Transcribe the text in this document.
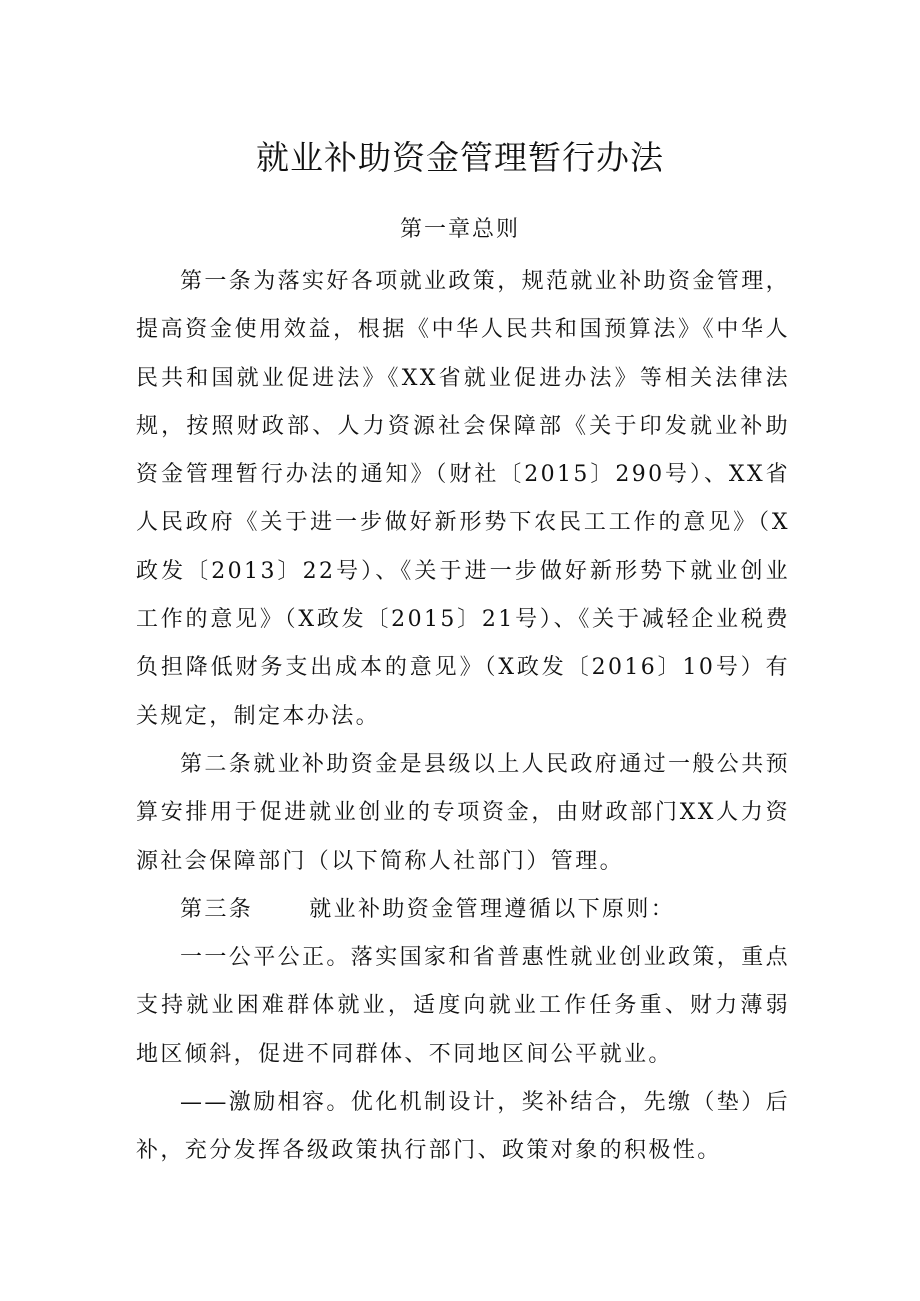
就业补助资金管理暂行办法
第一章总则

第一条为落实好各项就业政策，规范就业补助资金管理，提高资金使用效益，根据《中华人民共和国预算法》《中华人民共和国就业促进法》《XX省就业促进办法》等相关法律法规，按照财政部、人力资源社会保障部《关于印发就业补助资金管理暂行办法的通知》（财社〔2015〕290号）、XX省人民政府《关于进一步做好新形势下农民工工作的意见》（X政发〔2013〕22号）、《关于进一步做好新形势下就业创业工作的意见》（X政发〔2015〕21号）、《关于减轻企业税费负担降低财务支出成本的意见》（X政发〔2016〕10号）有关规定，制定本办法。

第二条就业补助资金是县级以上人民政府通过一般公共预算安排用于促进就业创业的专项资金，由财政部门XX人力资源社会保障部门（以下简称人社部门）管理。

第三条	就业补助资金管理遵循以下原则：

一一公平公正。落实国家和省普惠性就业创业政策，重点支持就业困难群体就业，适度向就业工作任务重、财力薄弱地区倾斜，促进不同群体、不同地区间公平就业。

——激励相容。优化机制设计，奖补结合，先缴（垫）后补，充分发挥各级政策执行部门、政策对象的积极性。
